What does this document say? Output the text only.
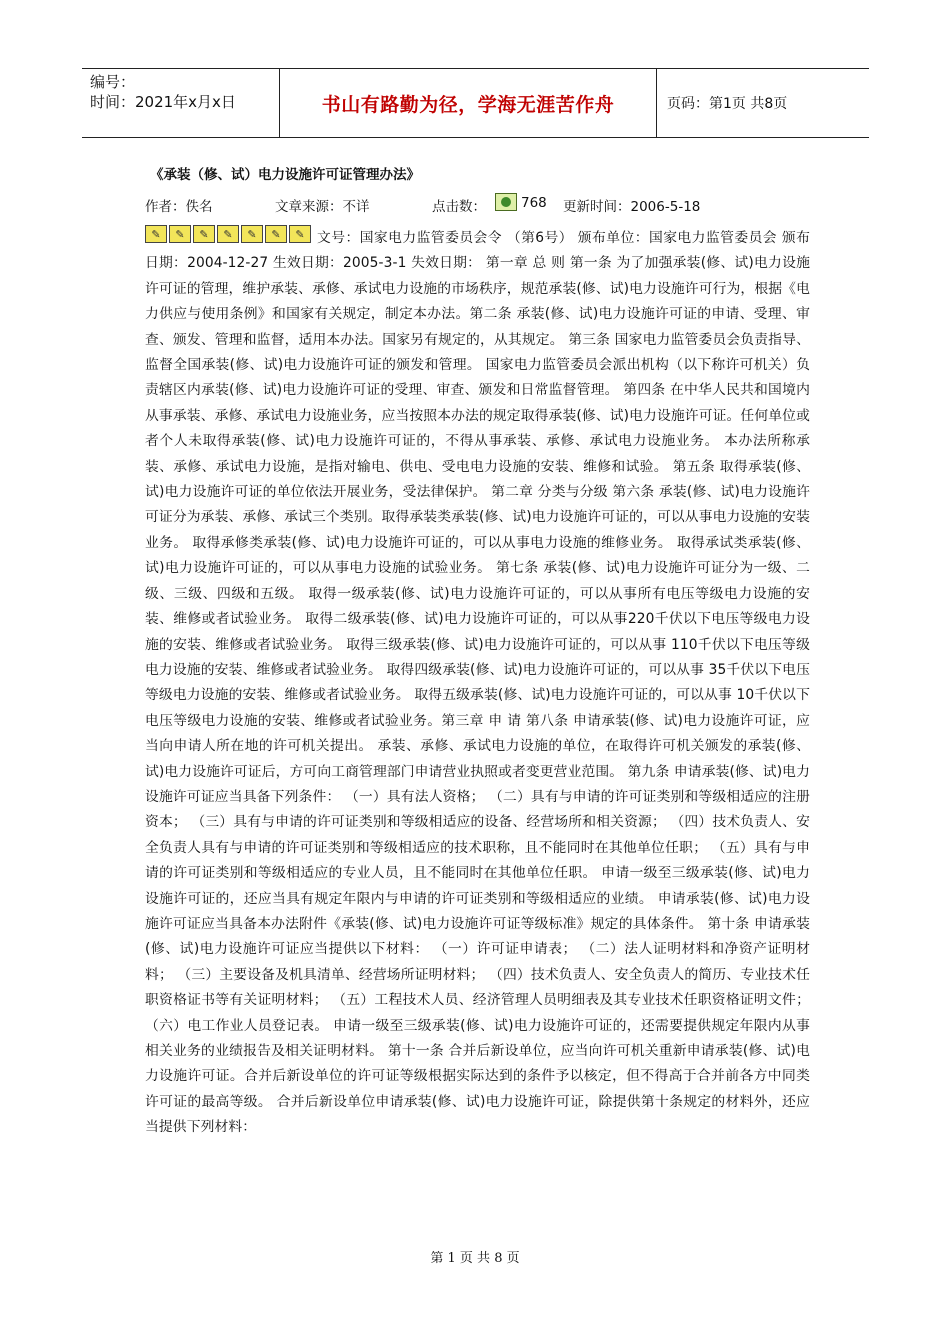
编号：
时间：2021年x月x日	书山有路勤为径，学海无涯苦作舟	页码：第1页 共8页
《承装（修、试）电力设施许可证管理办法》
作者：佚名	文章来源：不详	点击数：	768 更新时间：2006-5-18
✎	✎	✎	✎	✎	✎	✎ 文号：国家电力监管委员会令 （第6号） 颁布单位：国家电力监管委员会 颁布日期：2004-12-27 生效日期：2005-3-1 失效日期： 第一章 总 则 第一条 为了加强承装(修、试)电力设施许可证的管理，维护承装、承修、承试电力设施的市场秩序，规范承装(修、试)电力设施许可行为，根据《电力供应与使用条例》和国家有关规定，制定本办法。第二条 承装(修、试)电力设施许可证的申请、受理、审查、颁发、管理和监督，适用本办法。国家另有规定的，从其规定。 第三条 国家电力监管委员会负责指导、监督全国承装(修、试)电力设施许可证的颁发和管理。 国家电力监管委员会派出机构（以下称许可机关）负责辖区内承装(修、试)电力设施许可证的受理、审查、颁发和日常监督管理。 第四条 在中华人民共和国境内从事承装、承修、承试电力设施业务，应当按照本办法的规定取得承装(修、试)电力设施许可证。任何单位或者个人未取得承装(修、试)电力设施许可证的，不得从事承装、承修、承试电力设施业务。 本办法所称承装、承修、承试电力设施，是指对输电、供电、受电电力设施的安装、维修和试验。 第五条 取得承装(修、试)电力设施许可证的单位依法开展业务，受法律保护。 第二章 分类与分级 第六条 承装(修、试)电力设施许可证分为承装、承修、承试三个类别。取得承装类承装(修、试)电力设施许可证的，可以从事电力设施的安装业务。 取得承修类承装(修、试)电力设施许可证的，可以从事电力设施的维修业务。 取得承试类承装(修、试)电力设施许可证的，可以从事电力设施的试验业务。 第七条 承装(修、试)电力设施许可证分为一级、二级、三级、四级和五级。 取得一级承装(修、试)电力设施许可证的，可以从事所有电压等级电力设施的安装、维修或者试验业务。 取得二级承装(修、试)电力设施许可证的，可以从事220千伏以下电压等级电力设施的安装、维修或者试验业务。 取得三级承装(修、试)电力设施许可证的，可以从事 110千伏以下电压等级电力设施的安装、维修或者试验业务。 取得四级承装(修、试)电力设施许可证的，可以从事 35千伏以下电压等级电力设施的安装、维修或者试验业务。 取得五级承装(修、试)电力设施许可证的，可以从事 10千伏以下电压等级电力设施的安装、维修或者试验业务。第三章 申 请 第八条 申请承装(修、试)电力设施许可证，应当向申请人所在地的许可机关提出。 承装、承修、承试电力设施的单位，在取得许可机关颁发的承装(修、试)电力设施许可证后，方可向工商管理部门申请营业执照或者变更营业范围。 第九条 申请承装(修、试)电力设施许可证应当具备下列条件： （一）具有法人资格； （二）具有与申请的许可证类别和等级相适应的注册资本； （三）具有与申请的许可证类别和等级相适应的设备、经营场所和相关资源； （四）技术负责人、安全负责人具有与申请的许可证类别和等级相适应的技术职称，且不能同时在其他单位任职； （五）具有与申请的许可证类别和等级相适应的专业人员，且不能同时在其他单位任职。 申请一级至三级承装(修、试)电力设施许可证的，还应当具有规定年限内与申请的许可证类别和等级相适应的业绩。 申请承装(修、试)电力设施许可证应当具备本办法附件《承装(修、试)电力设施许可证等级标准》规定的具体条件。 第十条 申请承装(修、试)电力设施许可证应当提供以下材料： （一）许可证申请表； （二）法人证明材料和净资产证明材料； （三）主要设备及机具清单、经营场所证明材料； （四）技术负责人、安全负责人的简历、专业技术任职资格证书等有关证明材料； （五）工程技术人员、经济管理人员明细表及其专业技术任职资格证明文件； （六）电工作业人员登记表。 申请一级至三级承装(修、试)电力设施许可证的，还需要提供规定年限内从事相关业务的业绩报告及相关证明材料。 第十一条 合并后新设单位，应当向许可机关重新申请承装(修、试)电力设施许可证。合并后新设单位的许可证等级根据实际达到的条件予以核定，但不得高于合并前各方中同类许可证的最高等级。 合并后新设单位申请承装(修、试)电力设施许可证，除提供第十条规定的材料外，还应当提供下列材料：
第 1 页 共 8 页
